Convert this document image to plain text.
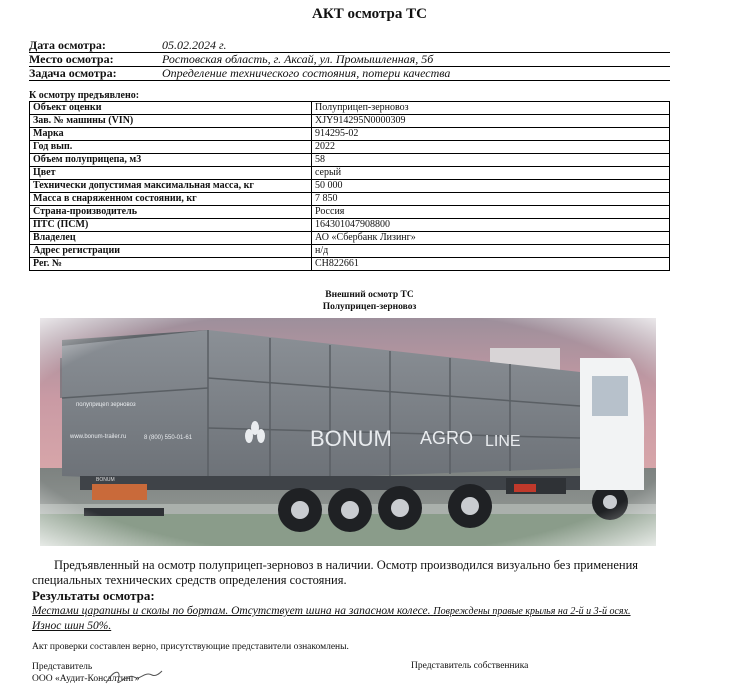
АКТ осмотра ТС
Дата осмотра:	05.02.2024 г.
Место осмотра:	Ростовская область, г. Аксай, ул. Промышленная, 5б
Задача осмотра:	Определение технического состояния, потери качества
К осмотру предъявлено:
Объект оценки	Полуприцеп-зерновоз
Зав. № машины (VIN)	XJY914295N0000309
Марка	914295-02
Год вып.	2022
Объем полуприцепа, м3	58
Цвет	серый
Технически допустимая максимальная масса, кг	50 000
Масса в снаряженном состоянии, кг	7 850
Страна-производитель	Россия
ПТС (ПСМ)	164301047908800
Владелец	АО «Сбербанк Лизинг»
Адрес регистрации	н/д
Рег. №	CH822661
Внешний осмотр ТС
Полуприцеп-зерновоз
Предъявленный на осмотр полуприцеп-зерновоз в наличии. Осмотр производился визуально без применения специальных технических средств определения состояния.
Результаты осмотра:
Местами царапины и сколы по бортам. Отсутствует шина на запасном колесе. Повреждены правые крылья на 2-й и 3-й осях. Износ шин 50%.
Акт проверки составлен верно, присутствующие представители ознакомлены.
Представитель
ООО «Аудит-Консалтинг»
Представитель собственника
